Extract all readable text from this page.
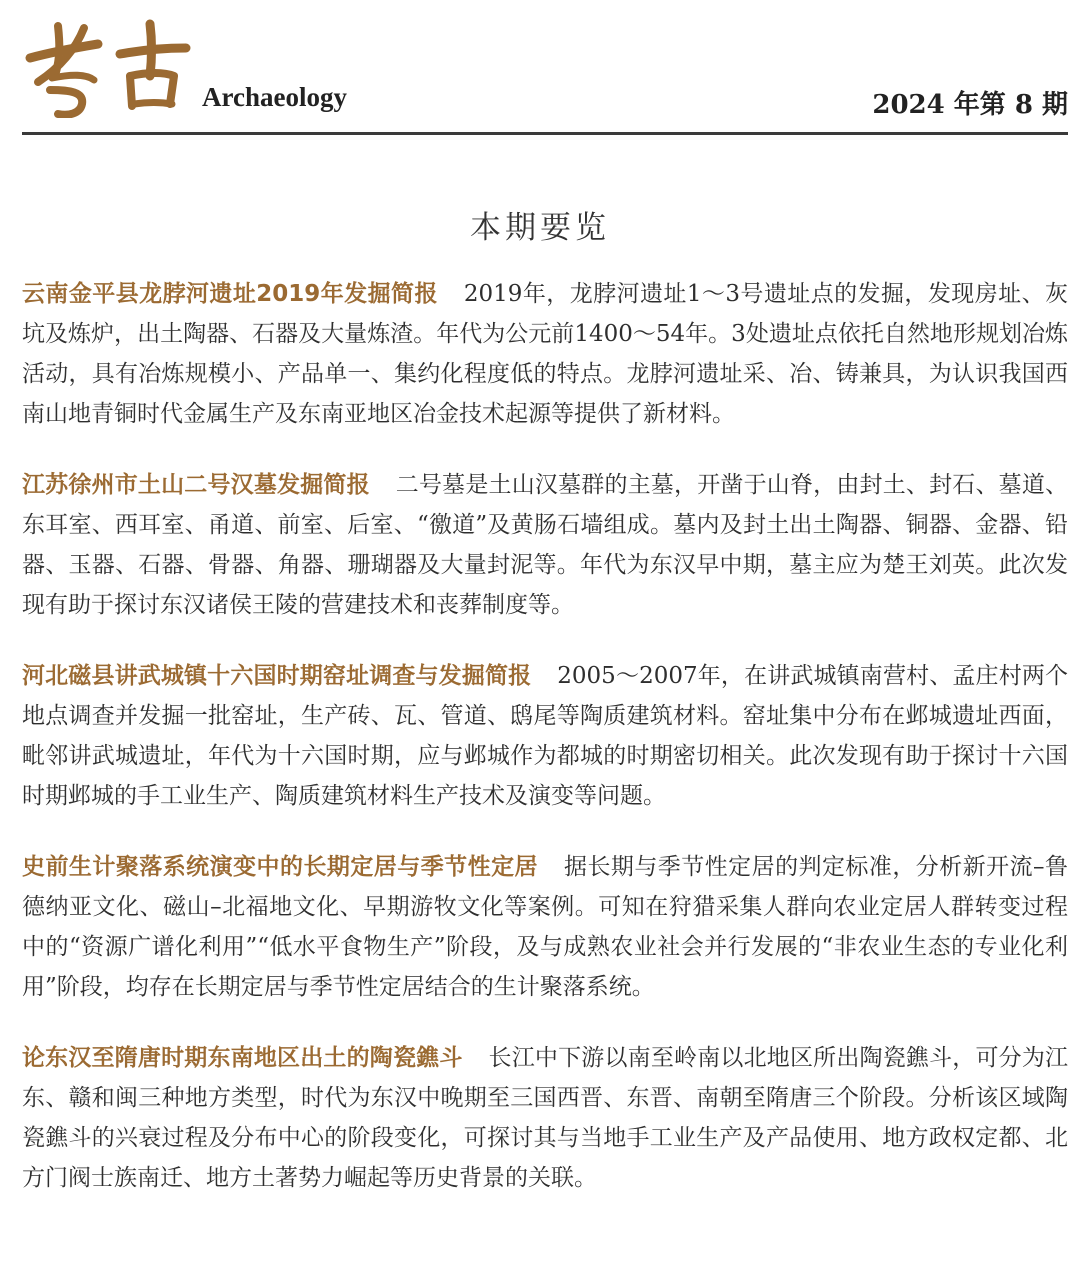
Archaeology	2024 年第 8 期
本期要览

云南金平县龙脖河遗址2019年发掘简报 2019年，龙脖河遗址1～3号遗址点的发掘，发现房址、灰坑及炼炉，出土陶器、石器及大量炼渣。年代为公元前1400～54年。3处遗址点依托自然地形规划冶炼活动，具有冶炼规模小、产品单一、集约化程度低的特点。龙脖河遗址采、冶、铸兼具，为认识我国西南山地青铜时代金属生产及东南亚地区冶金技术起源等提供了新材料。

江苏徐州市土山二号汉墓发掘简报 二号墓是土山汉墓群的主墓，开凿于山脊，由封土、封石、墓道、东耳室、西耳室、甬道、前室、后室、“徼道”及黄肠石墙组成。墓内及封土出土陶器、铜器、金器、铅器、玉器、石器、骨器、角器、珊瑚器及大量封泥等。年代为东汉早中期，墓主应为楚王刘英。此次发现有助于探讨东汉诸侯王陵的营建技术和丧葬制度等。

河北磁县讲武城镇十六国时期窑址调查与发掘简报 2005～2007年，在讲武城镇南营村、孟庄村两个地点调查并发掘一批窑址，生产砖、瓦、管道、鸱尾等陶质建筑材料。窑址集中分布在邺城遗址西面，毗邻讲武城遗址，年代为十六国时期，应与邺城作为都城的时期密切相关。此次发现有助于探讨十六国时期邺城的手工业生产、陶质建筑材料生产技术及演变等问题。

史前生计聚落系统演变中的长期定居与季节性定居 据长期与季节性定居的判定标准，分析新开流–鲁德纳亚文化、磁山–北福地文化、早期游牧文化等案例。可知在狩猎采集人群向农业定居人群转变过程中的“资源广谱化利用”“低水平食物生产”阶段，及与成熟农业社会并行发展的“非农业生态的专业化利用”阶段，均存在长期定居与季节性定居结合的生计聚落系统。

论东汉至隋唐时期东南地区出土的陶瓷鐎斗 长江中下游以南至岭南以北地区所出陶瓷鐎斗，可分为江东、赣和闽三种地方类型，时代为东汉中晚期至三国西晋、东晋、南朝至隋唐三个阶段。分析该区域陶瓷鐎斗的兴衰过程及分布中心的阶段变化，可探讨其与当地手工业生产及产品使用、地方政权定都、北方门阀士族南迁、地方土著势力崛起等历史背景的关联。
